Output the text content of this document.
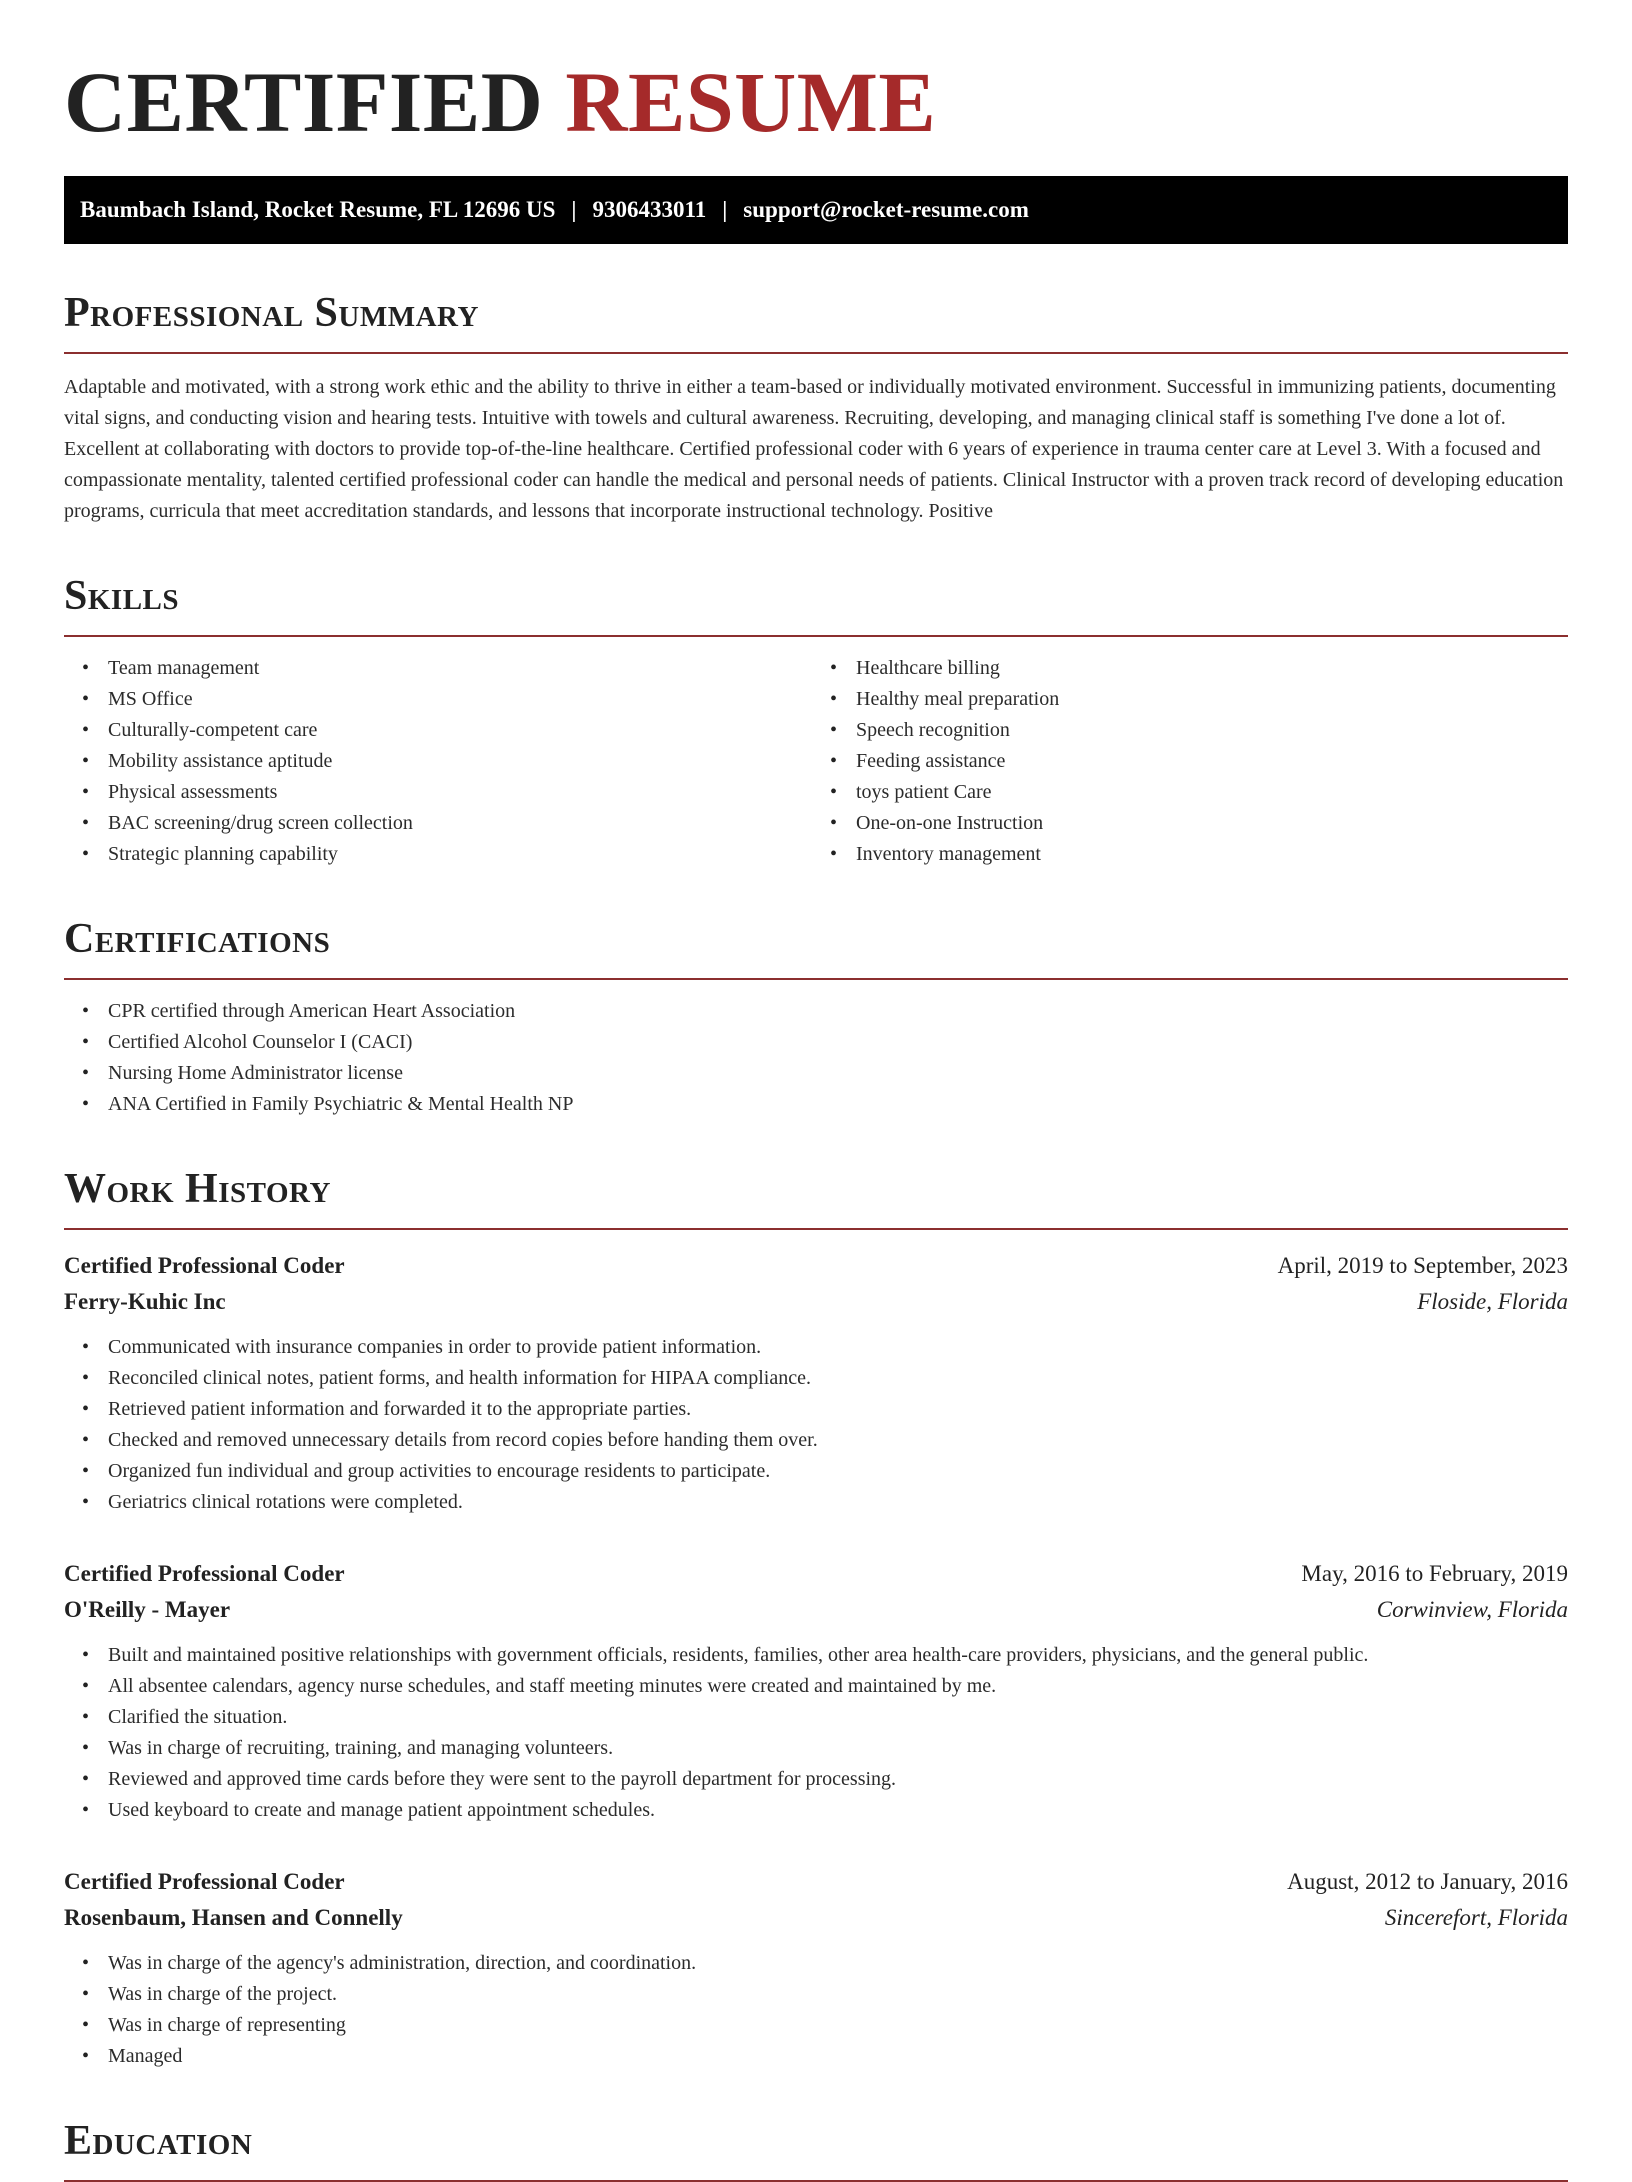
CERTIFIED RESUME
Baumbach Island, Rocket Resume, FL 12696 US | 9306433011 | support@rocket-resume.com
Professional Summary

Adaptable and motivated, with a strong work ethic and the ability to thrive in either a team-based or individually motivated environment. Successful in immunizing patients, documenting vital signs, and conducting vision and hearing tests. Intuitive with towels and cultural awareness. Recruiting, developing, and managing clinical staff is something I've done a lot of. Excellent at collaborating with doctors to provide top-of-the-line healthcare. Certified professional coder with 6 years of experience in trauma center care at Level 3. With a focused and compassionate mentality, talented certified professional coder can handle the medical and personal needs of patients. Clinical Instructor with a proven track record of developing education programs, curricula that meet accreditation standards, and lessons that incorporate instructional technology. Positive

Skills
• Team management
• MS Office
• Culturally-competent care
• Mobility assistance aptitude
• Physical assessments
• BAC screening/drug screen collection
• Strategic planning capability
• Healthcare billing
• Healthy meal preparation
• Speech recognition
• Feeding assistance
• toys patient Care
• One-on-one Instruction
• Inventory management
Certifications
• CPR certified through American Heart Association
• Certified Alcohol Counselor I (CACI)
• Nursing Home Administrator license
• ANA Certified in Family Psychiatric & Mental Health NP
Work History
Certified Professional Coder	April, 2019 to September, 2023
Ferry-Kuhic Inc	Floside, Florida
• Communicated with insurance companies in order to provide patient information.
• Reconciled clinical notes, patient forms, and health information for HIPAA compliance.
• Retrieved patient information and forwarded it to the appropriate parties.
• Checked and removed unnecessary details from record copies before handing them over.
• Organized fun individual and group activities to encourage residents to participate.
• Geriatrics clinical rotations were completed.
Certified Professional Coder	May, 2016 to February, 2019
O'Reilly - Mayer	Corwinview, Florida
• Built and maintained positive relationships with government officials, residents, families, other area health-care providers, physicians, and the general public.
• All absentee calendars, agency nurse schedules, and staff meeting minutes were created and maintained by me.
• Clarified the situation.
• Was in charge of recruiting, training, and managing volunteers.
• Reviewed and approved time cards before they were sent to the payroll department for processing.
• Used keyboard to create and manage patient appointment schedules.
Certified Professional Coder	August, 2012 to January, 2016
Rosenbaum, Hansen and Connelly	Sincerefort, Florida
• Was in charge of the agency's administration, direction, and coordination.
• Was in charge of the project.
• Was in charge of representing
• Managed
Education
